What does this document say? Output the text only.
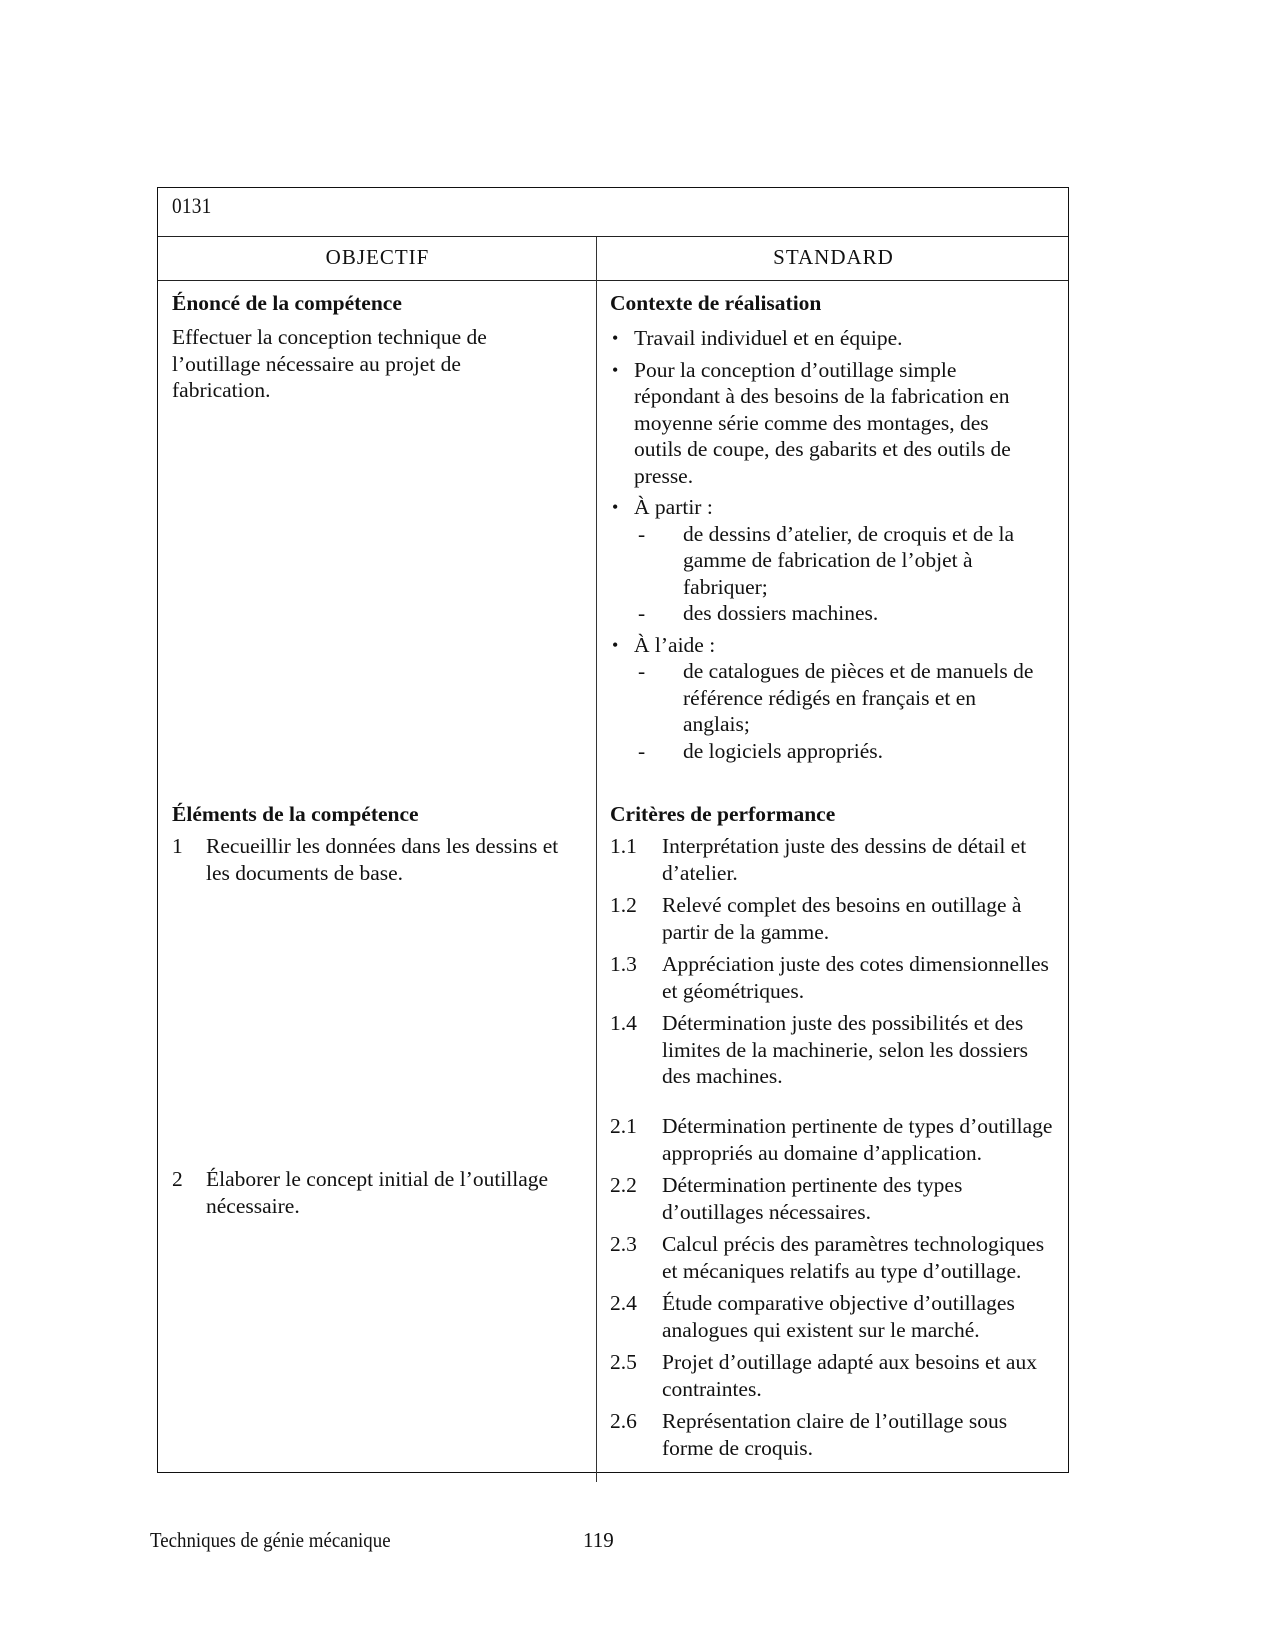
0131
OBJECTIF	STANDARD
Énoncé de la compétence
Effectuer la conception technique de l’outillage nécessaire au projet de fabrication.
Contexte de réalisation
• Travail individuel et en équipe.
• Pour la conception d’outillage simple répondant à des besoins de la fabrication en moyenne série comme des montages, des outils de coupe, des gabarits et des outils de presse.
• À partir :
- de dessins d’atelier, de croquis et de la gamme de fabrication de l’objet à fabriquer;
- des dossiers machines.
• À l’aide :
- de catalogues de pièces et de manuels de référence rédigés en français et en anglais;
- de logiciels appropriés.
Éléments de la compétence
1 Recueillir les données dans les dessins et les documents de base.
2 Élaborer le concept initial de l’outillage nécessaire.
Critères de performance
1.1 Interprétation juste des dessins de détail et d’atelier.
1.2 Relevé complet des besoins en outillage à partir de la gamme.
1.3 Appréciation juste des cotes dimensionnelles et géométriques.
1.4 Détermination juste des possibilités et des limites de la machinerie, selon les dossiers des machines.
2.1 Détermination pertinente de types d’outillage appropriés au domaine d’application.
2.2 Détermination pertinente des types d’outillages nécessaires.
2.3 Calcul précis des paramètres technologiques et mécaniques relatifs au type d’outillage.
2.4 Étude comparative objective d’outillages analogues qui existent sur le marché.
2.5 Projet d’outillage adapté aux besoins et aux contraintes.
2.6 Représentation claire de l’outillage sous forme de croquis.
Techniques de génie mécanique	119
